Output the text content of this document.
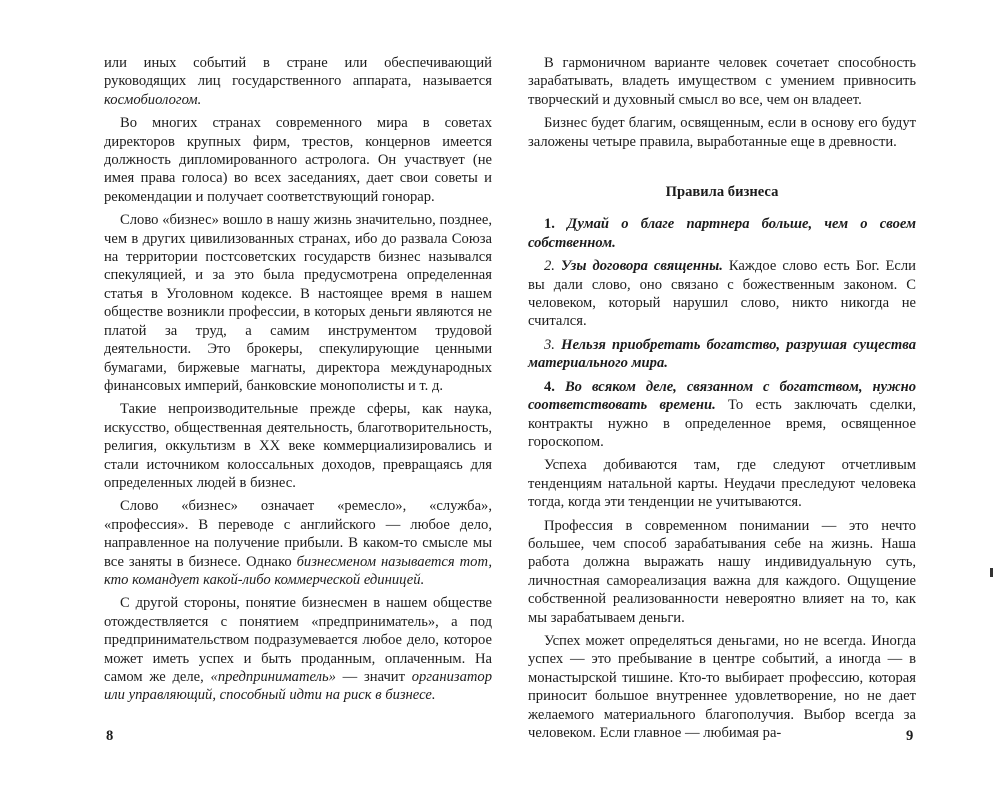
или иных событий в стране или обеспечивающий руководящих лиц государственного аппарата, называется космобиологом.

Во многих странах современного мира в советах директоров крупных фирм, трестов, концернов имеется должность дипломированного астролога. Он участвует (не имея права голоса) во всех заседаниях, дает свои советы и рекомендации и получает соответствующий гонорар.

Слово «бизнес» вошло в нашу жизнь значительно, позднее, чем в других цивилизованных странах, ибо до развала Союза на территории постсоветских государств бизнес называлcя спекуляцией, и за это была предусмотрена определенная статья в Уголовном кодексе. В настоящее время в нашем обществе возникли профессии, в которых деньги являются не платой за труд, а самим инструментом трудовой деятельности. Это брокеры, спекулирующие ценными бумагами, биржевые магнаты, директора международных финансовых империй, банковские монополисты и т. д.

Такие непроизводительные прежде сферы, как наука, искусство, общественная деятельность, благотворительность, религия, оккультизм в XX веке коммерциализировались и стали источником колоссальных доходов, превращаясь для определенных людей в бизнес.

Слово «бизнес» означает «ремесло», «служба», «профессия». В переводе с английского — любое дело, направленное на получение прибыли. В каком-то смысле мы все заняты в бизнесе. Однако бизнесменом называется тот, кто командует какой-либо коммерческой единицей.

С другой стороны, понятие бизнесмен в нашем обществе отождествляется с понятием «предприниматель», а под предпринимательством подразумевается любое дело, которое может иметь успех и быть проданным, оплаченным. На самом же деле, «предприниматель» — значит организатор или управляющий, способный идти на риск в бизнесе.

8

В гармоничном варианте человек сочетает способность зарабатывать, владеть имуществом с умением привносить творческий и духовный смысл во все, чем он владеет.

Бизнес будет благим, освященным, если в основу его будут заложены четыре правила, выработанные еще в древности.

Правила бизнеса

1. Думай о благе партнера больше, чем о своем собственном.

2. Узы договора священны. Каждое слово есть Бог. Если вы дали слово, оно связано с божественным законом. С человеком, который нарушил слово, никто никогда не считался.

3. Нельзя приобретать богатство, разрушая существа материального мира.

4. Во всяком деле, связанном с богатством, нужно соответствовать времени. То есть заключать сделки, контракты нужно в определенное время, освященное гороскопом.

Успеха добиваются там, где следуют отчетливым тенденциям натальной карты. Неудачи преследуют человека тогда, когда эти тенденции не учитываются.

Профессия в современном понимании — это нечто большее, чем способ зарабатывания себе на жизнь. Наша работа должна выражать нашу индивидуальную суть, личностная самореализация важна для каждого. Ощущение собственной реализованности невероятно влияет на то, как мы зарабатываем деньги.

Успех может определяться деньгами, но не всегда. Иногда успех — это пребывание в центре событий, а иногда — в монастырской тишине. Кто-то выбирает профессию, которая приносит большое внутреннее удовлетворение, но не дает желаемого материального благополучия. Выбор всегда за человеком. Если главное — любимая ра-	9
